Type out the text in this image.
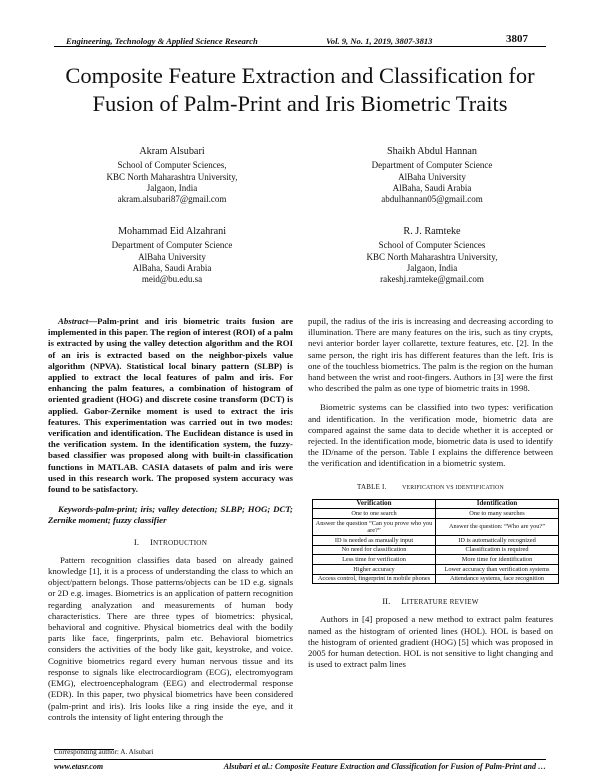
Engineering, Technology & Applied Science Research	Vol. 9, No. 1, 2019, 3807-3813	3807
Composite Feature Extraction and Classification for Fusion of Palm-Print and Iris Biometric Traits
Akram Alsubari
School of Computer Sciences,
KBC North Maharashtra University,
Jalgaon, India
akram.alsubari87@gmail.com
Shaikh Abdul Hannan
Department of Computer Science
AlBaha University
AlBaha, Saudi Arabia
abdulhannan05@gmail.com
Mohammad Eid Alzahrani
Department of Computer Science
AlBaha University
AlBaha, Saudi Arabia
meid@bu.edu.sa
R. J. Ramteke
School of Computer Sciences
KBC North Maharashtra University,
Jalgaon, India
rakeshj.ramteke@gmail.com

Abstract—Palm-print and iris biometric traits fusion are implemented in this paper. The region of interest (ROI) of a palm is extracted by using the valley detection algorithm and the ROI of an iris is extracted based on the neighbor-pixels value algorithm (NPVA). Statistical local binary pattern (SLBP) is applied to extract the local features of palm and iris. For enhancing the palm features, a combination of histogram of oriented gradient (HOG) and discrete cosine transform (DCT) is applied. Gabor-Zernike moment is used to extract the iris features. This experimentation was carried out in two modes: verification and identification. The Euclidean distance is used in the verification system. In the identification system, the fuzzy-based classifier was proposed along with built-in classification functions in MATLAB. CASIA datasets of palm and iris were used in this research work. The proposed system accuracy was found to be satisfactory.

Keywords-palm-print; iris; valley detection; SLBP; HOG; DCT; Zernike moment; fuzzy classifier

I. INTRODUCTION

Pattern recognition classifies data based on already gained knowledge [1], it is a process of understanding the class to which an object/pattern belongs. Those patterns/objects can be 1D e.g. signals or 2D e.g. images. Biometrics is an application of pattern recognition regarding analyzation and measurements of human body characteristics. There are three types of biometrics: physical, behavioral and cognitive. Physical biometrics deal with the bodily parts like face, fingerprints, palm etc. Behavioral biometrics considers the activities of the body like gait, keystroke, and voice. Cognitive biometrics regard every human nervous tissue and its response to signals like electrocardiogram (ECG), electromyogram (EMG), electroencephalogram (EEG) and electrodermal response (EDR). In this paper, two physical biometrics have been considered (palm-print and iris). Iris looks like a ring inside the eye, and it controls the intensity of light entering through the

pupil, the radius of the iris is increasing and decreasing according to illumination. There are many features on the iris, such as tiny crypts, nevi anterior border layer collarette, texture features, etc. [2]. In the same person, the right iris has different features than the left. Iris is one of the touchless biometrics. The palm is the region on the human hand between the wrist and root-fingers. Authors in [3] were the first who described the palm as one type of biometric traits in 1998.

Biometric systems can be classified into two types: verification and identification. In the verification mode, biometric data are compared against the same data to decide whether it is accepted or rejected. In the identification mode, biometric data is used to identify the ID/name of the person. Table I explains the difference between the verification and identification in a biometric system.

TABLE I.	VERIFICATION VS IDENTIFICATION
Verification	Identification
One to one search	One to many searches
Answer the question “Can you prove who you are?”	Answer the question: “Who are you?”
ID is needed as manually input	ID is automatically recognized
No need for classification	Classification is required
Less time for verification	More time for identification
Higher accuracy	Lower accuracy than verification systems
Access control, fingerprint in mobile phones	Attendance systems, face recognition
II. LITERATURE REVIEW

Authors in [4] proposed a new method to extract palm features named as the histogram of oriented lines (HOL). HOL is based on the histogram of oriented gradient (HOG) [5] which was proposed in 2005 for human detection. HOL is not sensitive to light changing and is used to extract palm lines

Corresponding author: A. Alsubari
www.etasr.com	Alsubari et al.: Composite Feature Extraction and Classification for Fusion of Palm-Print and …
